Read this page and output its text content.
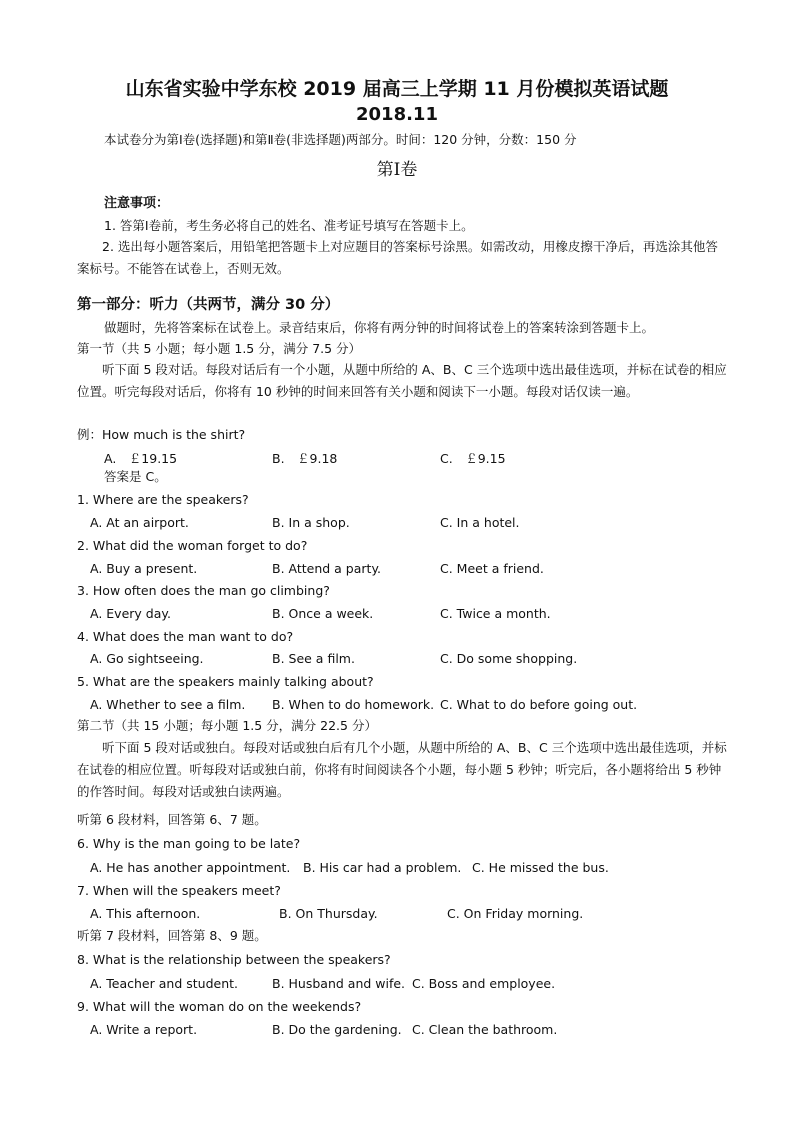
山东省实验中学东校 2019 届高三上学期 11 月份模拟英语试题
2018.11
本试卷分为第Ⅰ卷(选择题)和第Ⅱ卷(非选择题)两部分。时间：120 分钟，分数：150 分
第Ⅰ卷
注意事项：
1. 答第Ⅰ卷前，考生务必将自己的姓名、准考证号填写在答题卡上。
2. 选出每小题答案后，用铅笔把答题卡上对应题目的答案标号涂黑。如需改动，用橡皮擦干净后，再选涂其他答案标号。不能答在试卷上，否则无效。
第一部分：听力（共两节，满分 30 分）
做题时，先将答案标在试卷上。录音结束后，你将有两分钟的时间将试卷上的答案转涂到答题卡上。
第一节（共 5 小题；每小题 1.5 分，满分 7.5 分）
听下面 5 段对话。每段对话后有一个小题，从题中所给的 A、B、C 三个选项中选出最佳选项，并标在试卷的相应位置。听完每段对话后，你将有 10 秒钟的时间来回答有关小题和阅读下一小题。每段对话仅读一遍。
例：How much is the shirt?
A.　￡19.15	B.　￡9.18	C.　￡9.15
答案是 C。
1. Where are the speakers?
A. At an airport.	B. In a shop.	C. In a hotel.
2. What did the woman forget to do?
A. Buy a present.	B. Attend a party.	C. Meet a friend.
3. How often does the man go climbing?
A. Every day.	B. Once a week.	C. Twice a month.
4. What does the man want to do?
A. Go sightseeing.	B. See a film.	C. Do some shopping.
5. What are the speakers mainly talking about?
A. Whether to see a film. B. When to do homework. C. What to do before going out.
第二节（共 15 小题；每小题 1.5 分，满分 22.5 分）
听下面 5 段对话或独白。每段对话或独白后有几个小题，从题中所给的 A、B、C 三个选项中选出最佳选项，并标在试卷的相应位置。听每段对话或独白前，你将有时间阅读各个小题，每小题 5 秒钟；听完后，各小题将给出 5 秒钟的作答时间。每段对话或独白读两遍。
听第 6 段材料，回答第 6、7 题。
6. Why is the man going to be late?
A. He has another appointment. B. His car had a problem. C. He missed the bus.
7. When will the speakers meet?
A. This afternoon.	B. On Thursday.	C. On Friday morning.
听第 7 段材料，回答第 8、9 题。
8. What is the relationship between the speakers?
A. Teacher and student.	B. Husband and wife. C. Boss and employee.
9. What will the woman do on the weekends?
A. Write a report.	B. Do the gardening. C. Clean the bathroom.
